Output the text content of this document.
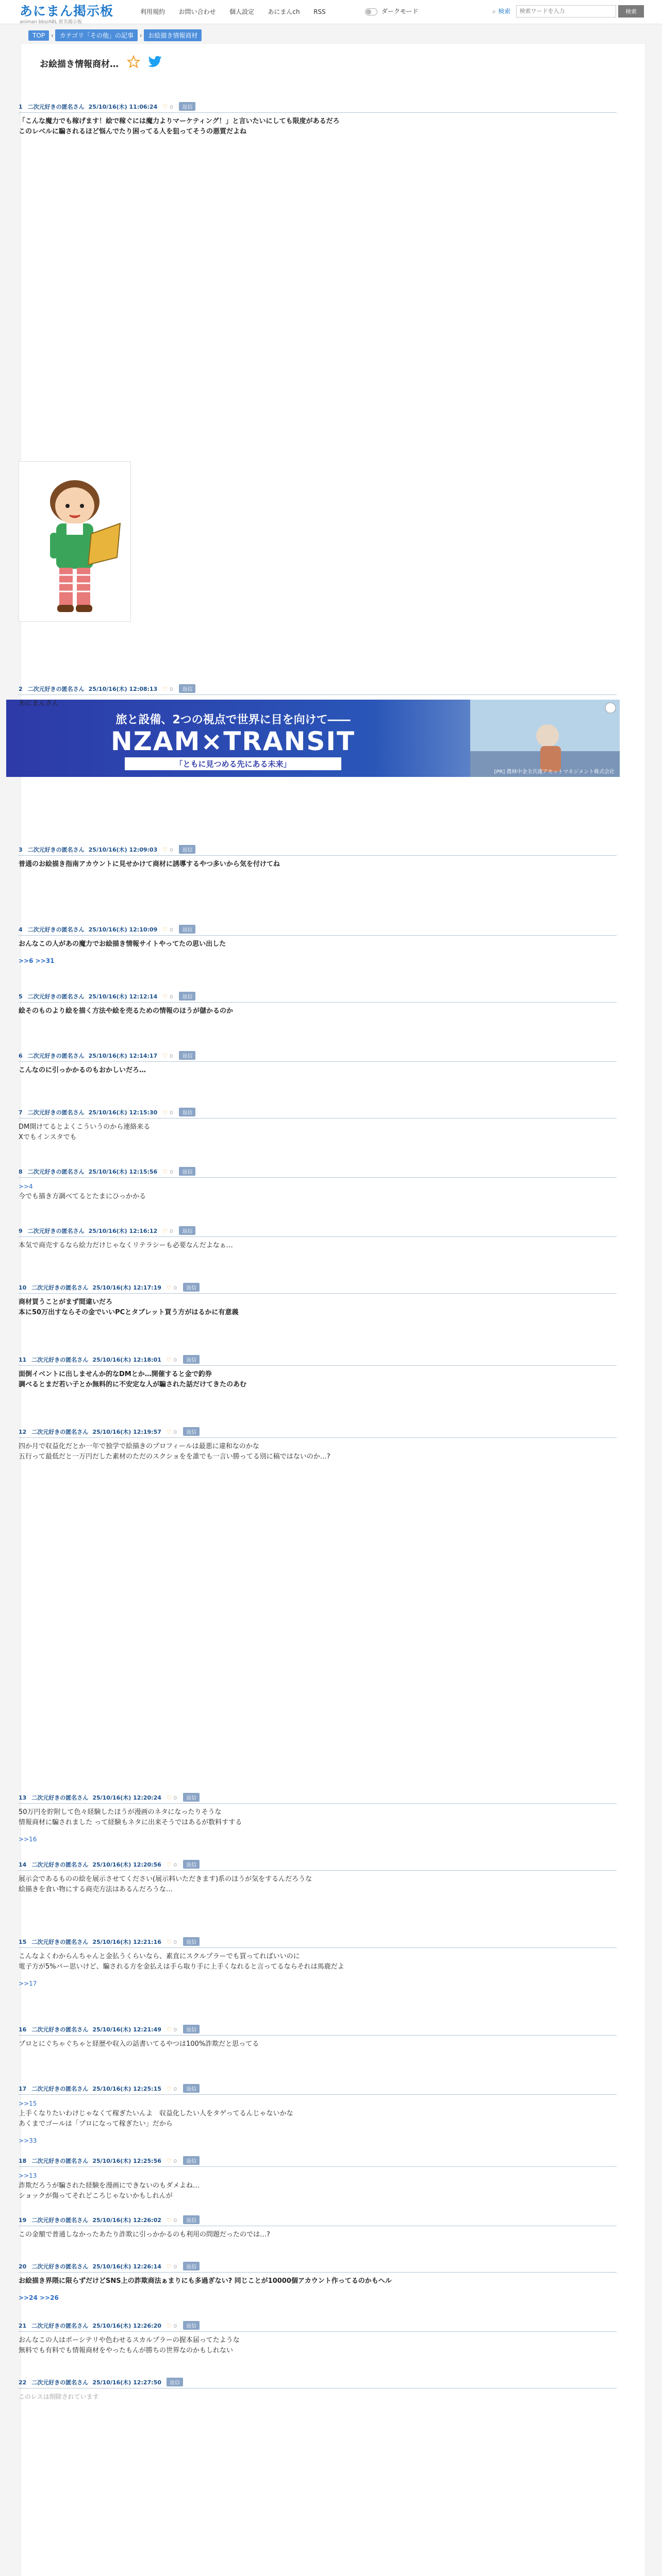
あにまん掲示板
animan bbs/ABL 匿名掲示板
利用規約 お問い合わせ 個人設定 あにまんch RSS	ダークモード	⌕ 検索 検索ワードを入力	検索
TOP › カテゴリ「その他」の記事 › お絵描き情報商材
お絵描き情報商材…
旅と設備、2つの視点で世界に目を向けて――
NZAM×TRANSIT
「ともに見つめる先にある未来」
[PR] 農林中金全共連アセットマネジメント株式会社
1 二次元好きの匿名さん 25/10/16(木) 11:06:24 ♡ 0 返信

「こんな魔力でも稼げます！絵で稼ぐには魔力よりマーケティング！」と言いたいにしても限度があるだろ

このレベルに騙されるほど悩んでたり困ってる人を狙ってそうの悪質だよね

2 二次元好きの匿名さん 25/10/16(木) 12:08:13 ♡ 0 返信

あにまんさん

3 二次元好きの匿名さん 25/10/16(木) 12:09:03 ♡ 0 返信

普通のお絵描き指南アカウントに見せかけて商材に誘導するやつ多いから気を付けてね

4 二次元好きの匿名さん 25/10/16(木) 12:10:09 ♡ 0 返信

おんなこの人があの魔力でお絵描き情報サイトやってたの思い出した

>>6 >>31

5 二次元好きの匿名さん 25/10/16(木) 12:12:14 ♡ 0 返信

絵そのものより絵を描く方法や絵を売るための情報のほうが儲かるのか

6 二次元好きの匿名さん 25/10/16(木) 12:14:17 ♡ 0 返信

こんなのに引っかかるのもおかしいだろ…

7 二次元好きの匿名さん 25/10/16(木) 12:15:30 ♡ 0 返信

DM開けてるとよくこういうのから連絡来る

Xでもインスタでも

8 二次元好きの匿名さん 25/10/16(木) 12:15:56 ♡ 0 返信

>>4

今でも描き方調べてるとたまにひっかかる

9 二次元好きの匿名さん 25/10/16(木) 12:16:12 ♡ 0 返信

本気で商売するなら絵力だけじゃなくリテラシーも必要なんだよなぁ…

10 二次元好きの匿名さん 25/10/16(木) 12:17:19 ♡ 0 返信

商材買うことがまず間違いだろ

本に50万出すならその金でいいPCとタブレット買う方がはるかに有意義

11 二次元好きの匿名さん 25/10/16(木) 12:18:01 ♡ 0 返信

面倒イベントに出しませんか的なDMとか…開催すると金で釣券

調べるとまだ若い子とか無料的に不安定な人が騙された話だけてきたのあむ

12 二次元好きの匿名さん 25/10/16(木) 12:19:57 ♡ 0 返信

四か月で収益化だとか一年で独学で絵描きのプロフィールは最悪に違和なのかな

五行って最低だと一万円だした素材のただのスクショをを誰でも一言い勝ってる別に稿ではないのか…?

13 二次元好きの匿名さん 25/10/16(木) 12:20:24 ♡ 0 返信

50万円を貯附して色々経験したほうが漫画のネタになったりそうな

情報商材に騙されました って経験もネタに出来そうではあるが数料すする

>>16

14 二次元好きの匿名さん 25/10/16(木) 12:20:56 ♡ 0 返信

展示会であるものの絵を展示させてください(展示料いただきます)系のほうが気をするんだろうな

絵描きを食い物にする商売方法はあるんだろうな…

15 二次元好きの匿名さん 25/10/16(木) 12:21:16 ♡ 0 返信

こんなよくわからんちゃんと金払うくらいなら、素直にスクルプラーでも買ってればいいのに

電子方が5%バー思いけど、騙される方を金払えは手ら取り手に上手くなれると言ってるならそれは馬鹿だよ

>>17

16 二次元好きの匿名さん 25/10/16(木) 12:21:49 ♡ 0 返信

プロとにぐちゃぐちゃと経歴や収入の話書いてるやつは100%詐欺だと思ってる

17 二次元好きの匿名さん 25/10/16(木) 12:25:15 ♡ 0 返信

>>15

上手くなりたいわけじゃなくて稼ぎたいんよ　収益化したい人をタゲってるんじゃないかな

あくまでゴールは「プロになって稼ぎたい」だから

>>33

18 二次元好きの匿名さん 25/10/16(木) 12:25:56 ♡ 0 返信

>>13

詐欺だろうが騙された経験を漫画にできないのもダメよね…

ショックが傷ってそれどころじゃないかもしれんが

19 二次元好きの匿名さん 25/10/16(木) 12:26:02 ♡ 0 返信

この金額で普通しなかったあたり詐欺に引っかかるのも利用の問題だったのでは…?

20 二次元好きの匿名さん 25/10/16(木) 12:26:14 ♡ 0 返信

お絵描き界隈に限らずだけどSNS上の詐欺商法ぁまりにも多過ぎない? 同じことが10000個アカウント作ってるのかもへル

>>24 >>26

21 二次元好きの匿名さん 25/10/16(木) 12:26:20 ♡ 0 返信

おんなこの人はポーシテリや色わせるスカルプラーの握本届ってたような

無料でも有料でも情報商材をやったもんが勝ちの世界なのかもしれない

22 二次元好きの匿名さん 25/10/16(木) 12:27:50 返信
このレスは削除されています
